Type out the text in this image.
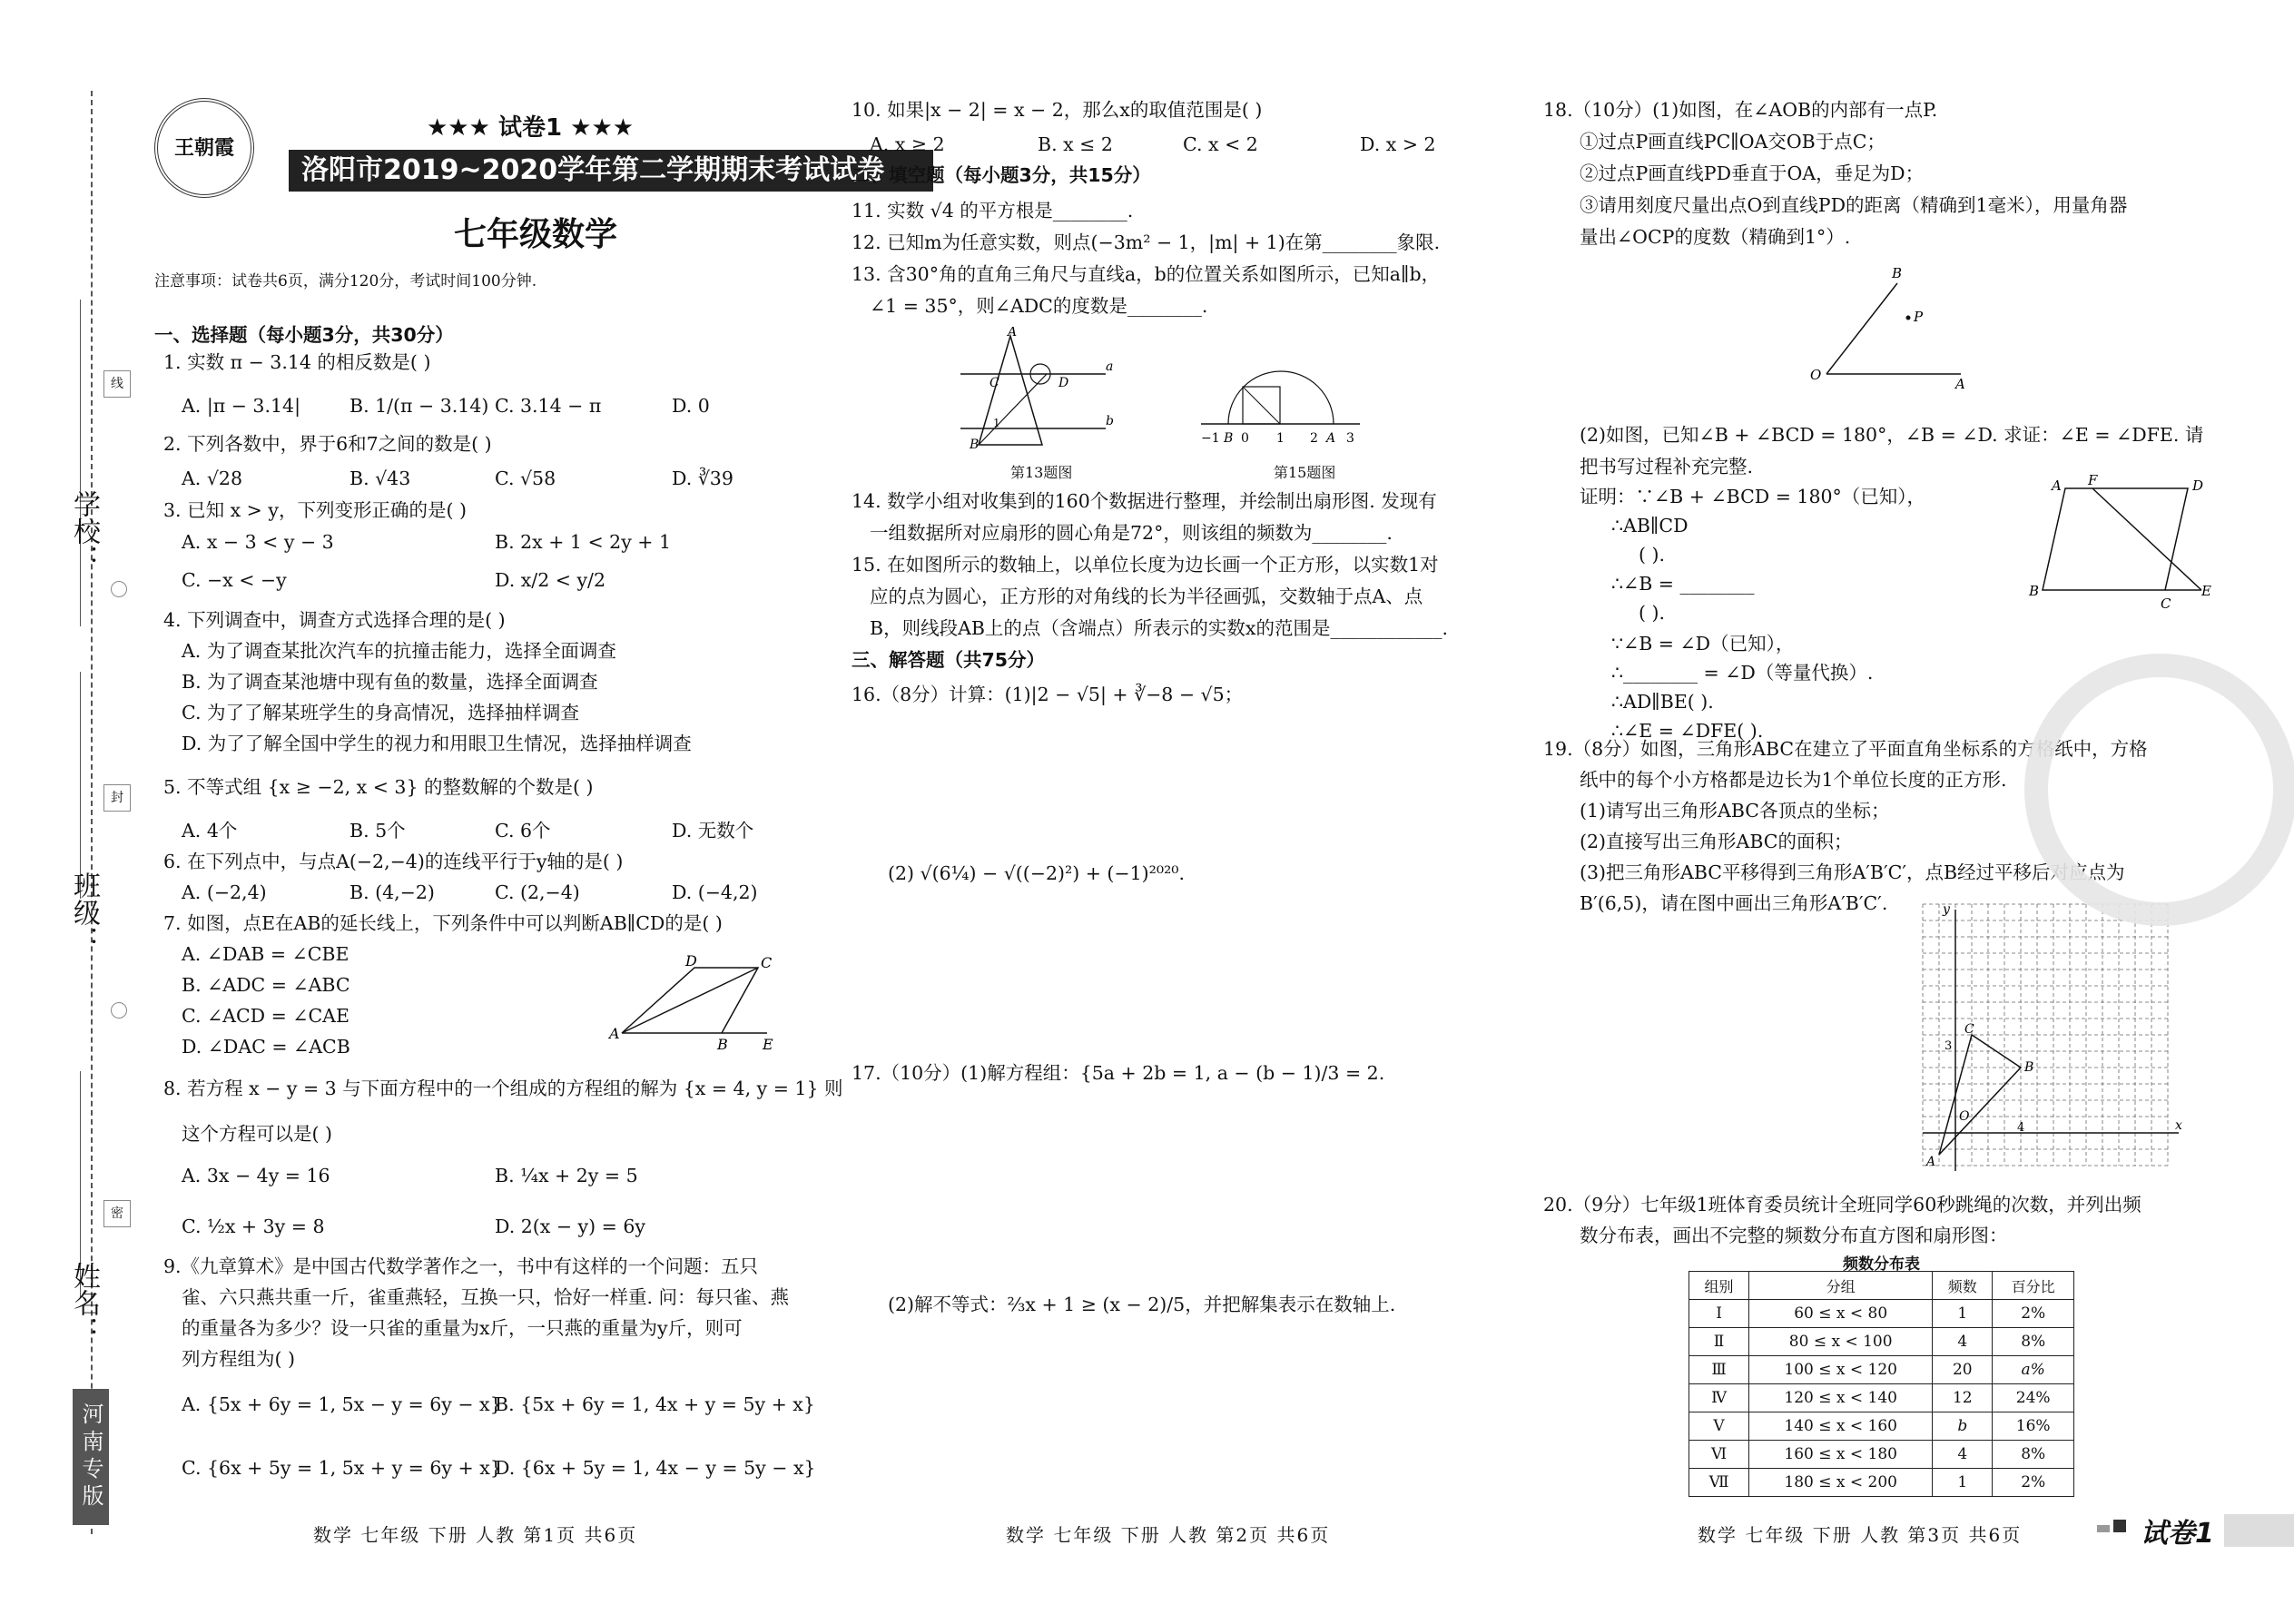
学校：
班级：
姓名：
线
封
密
河南专版
王朝霞
★★★ 试卷1 ★★★
洛阳市2019~2020学年第二学期期末考试试卷
七年级数学
注意事项：试卷共6页，满分120分，考试时间100分钟.
一、选择题（每小题3分，共30分）
1. 实数 π − 3.14 的相反数是( )
A. |π − 3.14|	B. 1/(π − 3.14) C. 3.14 − π	D. 0
2. 下列各数中，界于6和7之间的数是( )
A. √28	B. √43	C. √58	D. ∛39
3. 已知 x > y，下列变形正确的是( )
A. x − 3 < y − 3	B. 2x + 1 < 2y + 1
C. −x < −y	D. x/2 < y/2
4. 下列调查中，调查方式选择合理的是( )
A. 为了调查某批次汽车的抗撞击能力，选择全面调查
B. 为了调查某池塘中现有鱼的数量，选择全面调查
C. 为了了解某班学生的身高情况，选择抽样调查
D. 为了了解全国中学生的视力和用眼卫生情况，选择抽样调查
5. 不等式组 {x ≥ −2, x < 3} 的整数解的个数是( )
A. 4个	B. 5个	C. 6个	D. 无数个
6. 在下列点中，与点A(−2,−4)的连线平行于y轴的是( )
A. (−2,4)	B. (4,−2)	C. (2,−4)	D. (−4,2)
7. 如图，点E在AB的延长线上，下列条件中可以判断AB∥CD的是( )
A. ∠DAB = ∠CBE
B. ∠ADC = ∠ABC
C. ∠ACD = ∠CAE
D. ∠DAC = ∠ACB
D	C
A
B E
8. 若方程 x − y = 3 与下面方程中的一个组成的方程组的解为 {x = 4, y = 1} 则
这个方程可以是( )
A. 3x − 4y = 16	B. ¼x + 2y = 5
C. ½x + 3y = 8	D. 2(x − y) = 6y
9.《九章算术》是中国古代数学著作之一，书中有这样的一个问题：五只
雀、六只燕共重一斤，雀重燕轻，互换一只，恰好一样重. 问：每只雀、燕
的重量各为多少？设一只雀的重量为x斤，一只燕的重量为y斤，则可
列方程组为( )
A. {5x + 6y = 1, 5x − y = 6y − x}
B. {5x + 6y = 1, 4x + y = 5y + x}
C. {6x + 5y = 1, 5x + y = 6y + x}
D. {6x + 5y = 1, 4x − y = 5y − x}
数学 七年级 下册 人教 第1页 共6页
10. 如果|x − 2| = x − 2，那么x的取值范围是( )
A. x ≥ 2	B. x ≤ 2	C. x < 2	D. x > 2
二、填空题（每小题3分，共15分）
11. 实数 √4 的平方根是________.
12. 已知m为任意实数，则点(−3m² − 1，|m| + 1)在第________象限.
13. 含30°角的直角三角尺与直线a，b的位置关系如图所示，已知a∥b，
∠1 = 35°，则∠ADC的度数是________.
A
C	D
a
B
1	b
第13题图
−1 B 0 1 2 A 3
第15题图
14. 数学小组对收集到的160个数据进行整理，并绘制出扇形图. 发现有
一组数据所对应扇形的圆心角是72°，则该组的频数为________.
15. 在如图所示的数轴上，以单位长度为边长画一个正方形，以实数1对
应的点为圆心，正方形的对角线的长为半径画弧，交数轴于点A、点
B，则线段AB上的点（含端点）所表示的实数x的范围是____________.
三、解答题（共75分）
16.（8分）计算：(1)|2 − √5| + ∛−8 − √5；
(2) √(6¼) − √((−2)²) + (−1)²⁰²⁰.
17.（10分）(1)解方程组：{5a + 2b = 1, a − (b − 1)/3 = 2.
(2)解不等式：⅔x + 1 ≥ (x − 2)/5，并把解集表示在数轴上.
数学 七年级 下册 人教 第2页 共6页
18.（10分）(1)如图，在∠AOB的内部有一点P.
①过点P画直线PC∥OA交OB于点C；
②过点P画直线PD垂直于OA，垂足为D；
③请用刻度尺量出点O到直线PD的距离（精确到1毫米），用量角器
量出∠OCP的度数（精确到1°）.
B
P
O
A
(2)如图，已知∠B + ∠BCD = 180°，∠B = ∠D. 求证：∠E = ∠DFE. 请
把书写过程补充完整.
证明：∵∠B + ∠BCD = 180°（已知），
∴AB∥CD
( ).
∴∠B = ________
( ).
∵∠B = ∠D（已知），
∴________ = ∠D（等量代换）.
∴AD∥BE( ).
∴∠E = ∠DFE( ).
A F	D
B
C
E
19.（8分）如图，三角形ABC在建立了平面直角坐标系的方格纸中，方格
纸中的每个小方格都是边长为1个单位长度的正方形.
(1)请写出三角形ABC各顶点的坐标；
(2)直接写出三角形ABC的面积；
(3)把三角形ABC平移得到三角形A′B′C′，点B经过平移后对应点为
B′(6,5)，请在图中画出三角形A′B′C′.	y
C
3
B
O
4	x
A
20.（9分）七年级1班体育委员统计全班同学60秒跳绳的次数，并列出频
数分布表，画出不完整的频数分布直方图和扇形图：
频数分布表
组别	分组	频数	百分比
Ⅰ	60 ≤ x < 80	1	2%
Ⅱ	80 ≤ x < 100	4	8%
Ⅲ	100 ≤ x < 120	20	a%
Ⅳ	120 ≤ x < 140	12	24%
Ⅴ	140 ≤ x < 160	b	16%
Ⅵ	160 ≤ x < 180	4	8%
Ⅶ	180 ≤ x < 200	1	2%
数学 七年级 下册 人教 第3页 共6页	试卷1
